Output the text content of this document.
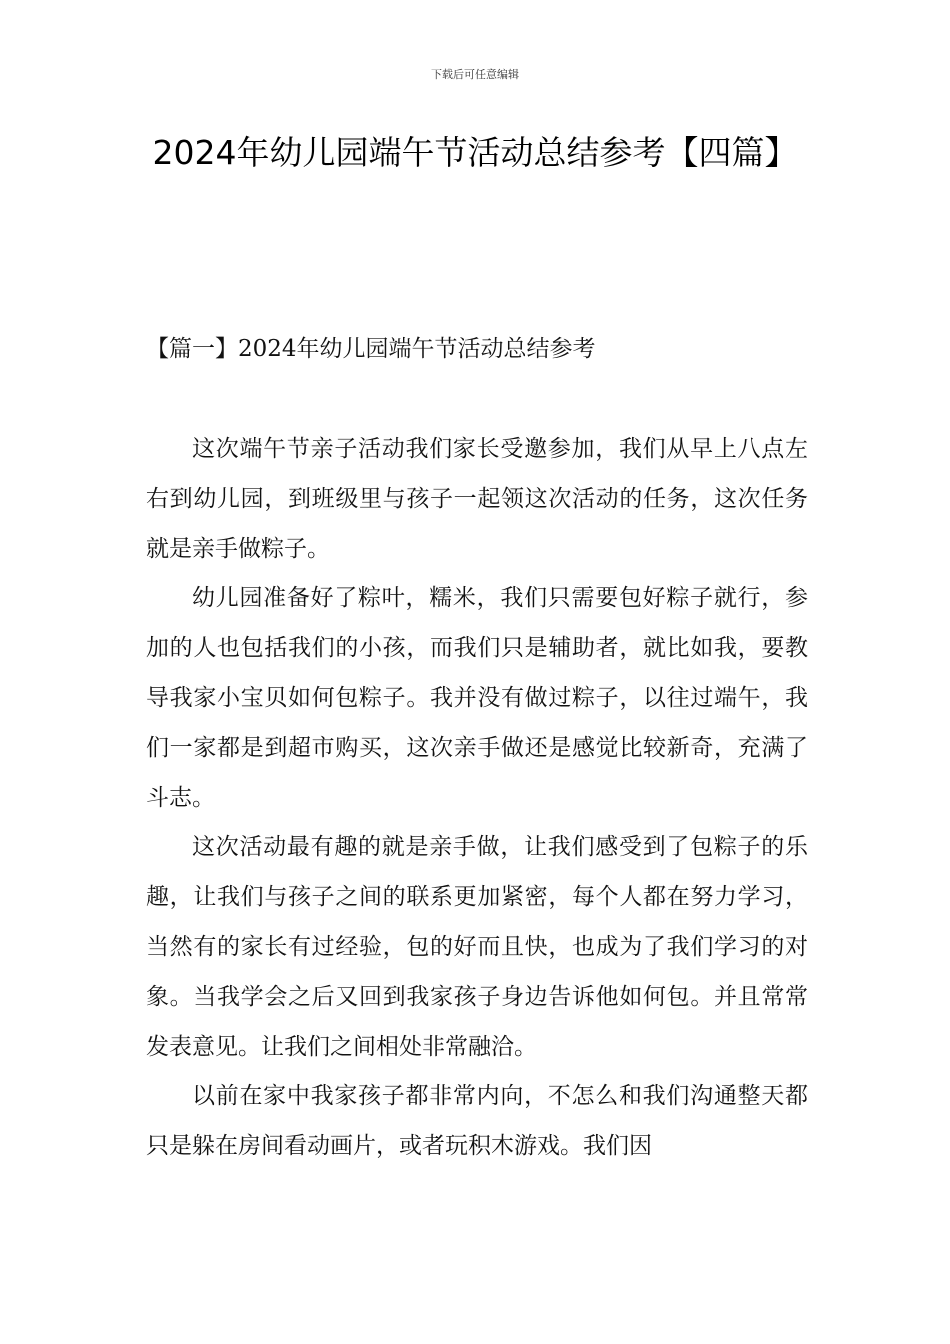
下载后可任意编辑
2024年幼儿园端午节活动总结参考【四篇】
【篇一】2024年幼儿园端午节活动总结参考

这次端午节亲子活动我们家长受邀参加，我们从早上八点左右到幼儿园，到班级里与孩子一起领这次活动的任务，这次任务就是亲手做粽子。

幼儿园准备好了粽叶，糯米，我们只需要包好粽子就行，参加的人也包括我们的小孩，而我们只是辅助者，就比如我，要教导我家小宝贝如何包粽子。我并没有做过粽子，以往过端午，我们一家都是到超市购买，这次亲手做还是感觉比较新奇，充满了斗志。

这次活动最有趣的就是亲手做，让我们感受到了包粽子的乐趣，让我们与孩子之间的联系更加紧密，每个人都在努力学习，当然有的家长有过经验，包的好而且快，也成为了我们学习的对象。当我学会之后又回到我家孩子身边告诉他如何包。并且常常发表意见。让我们之间相处非常融洽。

以前在家中我家孩子都非常内向，不怎么和我们沟通整天都只是躲在房间看动画片，或者玩积木游戏。我们因
